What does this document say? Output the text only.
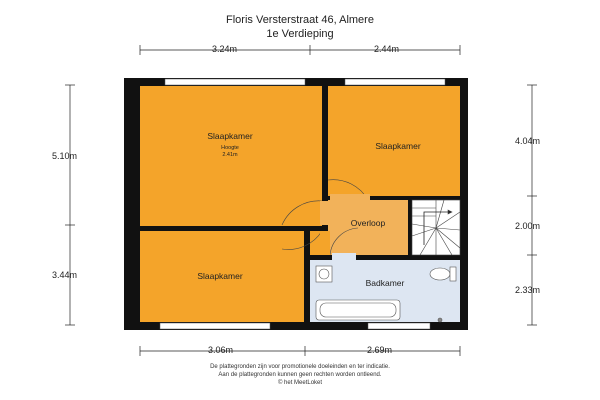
Floris Versterstraat 46, Almere
1e Verdieping
3.24m	2.44m
5.10m
3.44m
4.04m
2.00m
2.33m
3.06m	2.69m
Slaapkamer
Hoogte
2.41m
Slaapkamer
Slaapkamer
Overloop
Badkamer
De plattegronden zijn voor promotionele doeleinden en ter indicatie.
Aan de plattegronden kunnen geen rechten worden ontleend.
© het MeetLoket
